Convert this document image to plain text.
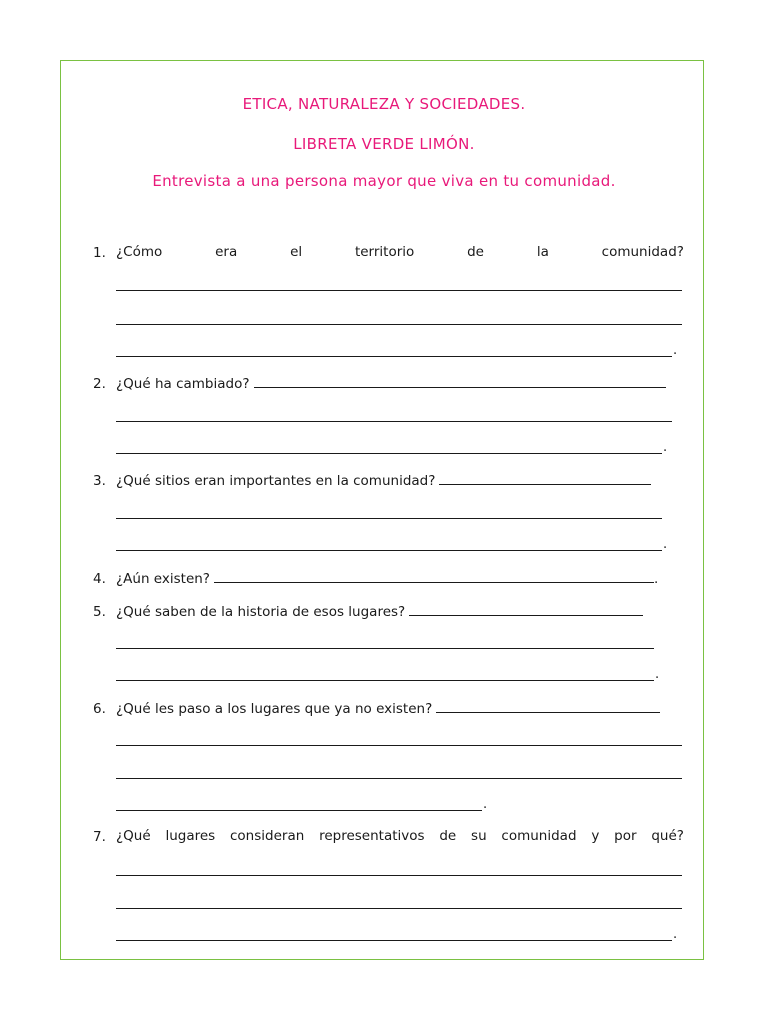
ETICA, NATURALEZA Y SOCIEDADES.
LIBRETA VERDE LIMÓN.
Entrevista a una persona mayor que viva en tu comunidad.
1. ¿Cómo	era	el	territorio	de	la	comunidad?
.
2. ¿Qué ha cambiado?
.
3. ¿Qué sitios eran importantes en la comunidad?
.
4. ¿Aún existen?	.
5. ¿Qué saben de la historia de esos lugares?
.
6. ¿Qué les paso a los lugares que ya no existen?
.
7. ¿Qué lugares consideran representativos de su comunidad y por qué?
.
